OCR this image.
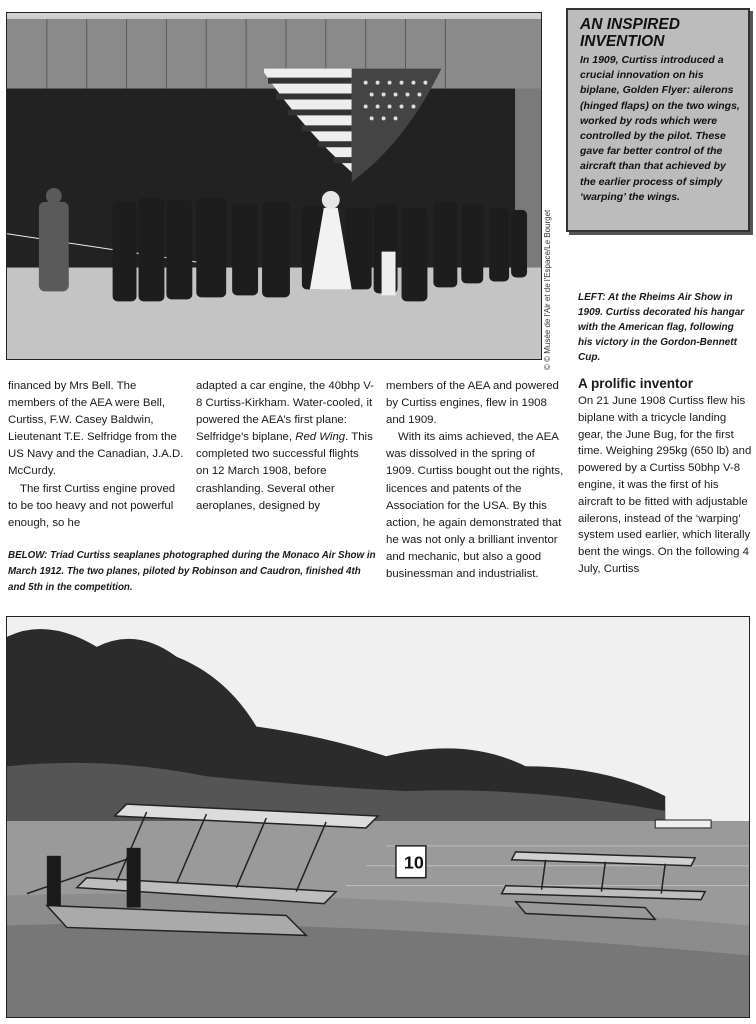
© © Musée de l'Air et de l'Espace/Le Bourget
AN INSPIRED INVENTION

In 1909, Curtiss introduced a crucial innovation on his biplane, Golden Flyer: ailerons (hinged flaps) on the two wings, worked by rods which were controlled by the pilot. These gave far better control of the aircraft than that achieved by the earlier process of simply ‘warping’ the wings.

LEFT: At the Rheims Air Show in 1909. Curtiss decorated his hangar with the American flag, following his victory in the Gordon-Bennett Cup.

financed by Mrs Bell. The members of the AEA were Bell, Curtiss, F.W. Casey Baldwin, Lieutenant T.E. Selfridge from the US Navy and the Canadian, J.A.D. McCurdy.

The first Curtiss engine proved to be too heavy and not powerful enough, so he

adapted a car engine, the 40bhp V-8 Curtiss-Kirkham. Water-cooled, it powered the AEA’s first plane: Selfridge’s biplane, Red Wing. This completed two successful flights on 12 March 1908, before crashlanding. Several other aeroplanes, designed by

members of the AEA and powered by Curtiss engines, flew in 1908 and 1909.

With its aims achieved, the AEA was dissolved in the spring of 1909. Curtiss bought out the rights, licences and patents of the Association for the USA. By this action, he again demonstrated that he was not only a brilliant inventor and mechanic, but also a good businessman and industrialist.

A prolific inventor

On 21 June 1908 Curtiss flew his biplane with a tricycle landing gear, the June Bug, for the first time. Weighing 295kg (650 lb) and powered by a Curtiss 50bhp V-8 engine, it was the first of his aircraft to be fitted with adjustable ailerons, instead of the ‘warping’ system used earlier, which literally bent the wings. On the following 4 July, Curtiss

BELOW: Triad Curtiss seaplanes photographed during the Monaco Air Show in March 1912. The two planes, piloted by Robinson and Caudron, finished 4th and 5th in the competition.
10
